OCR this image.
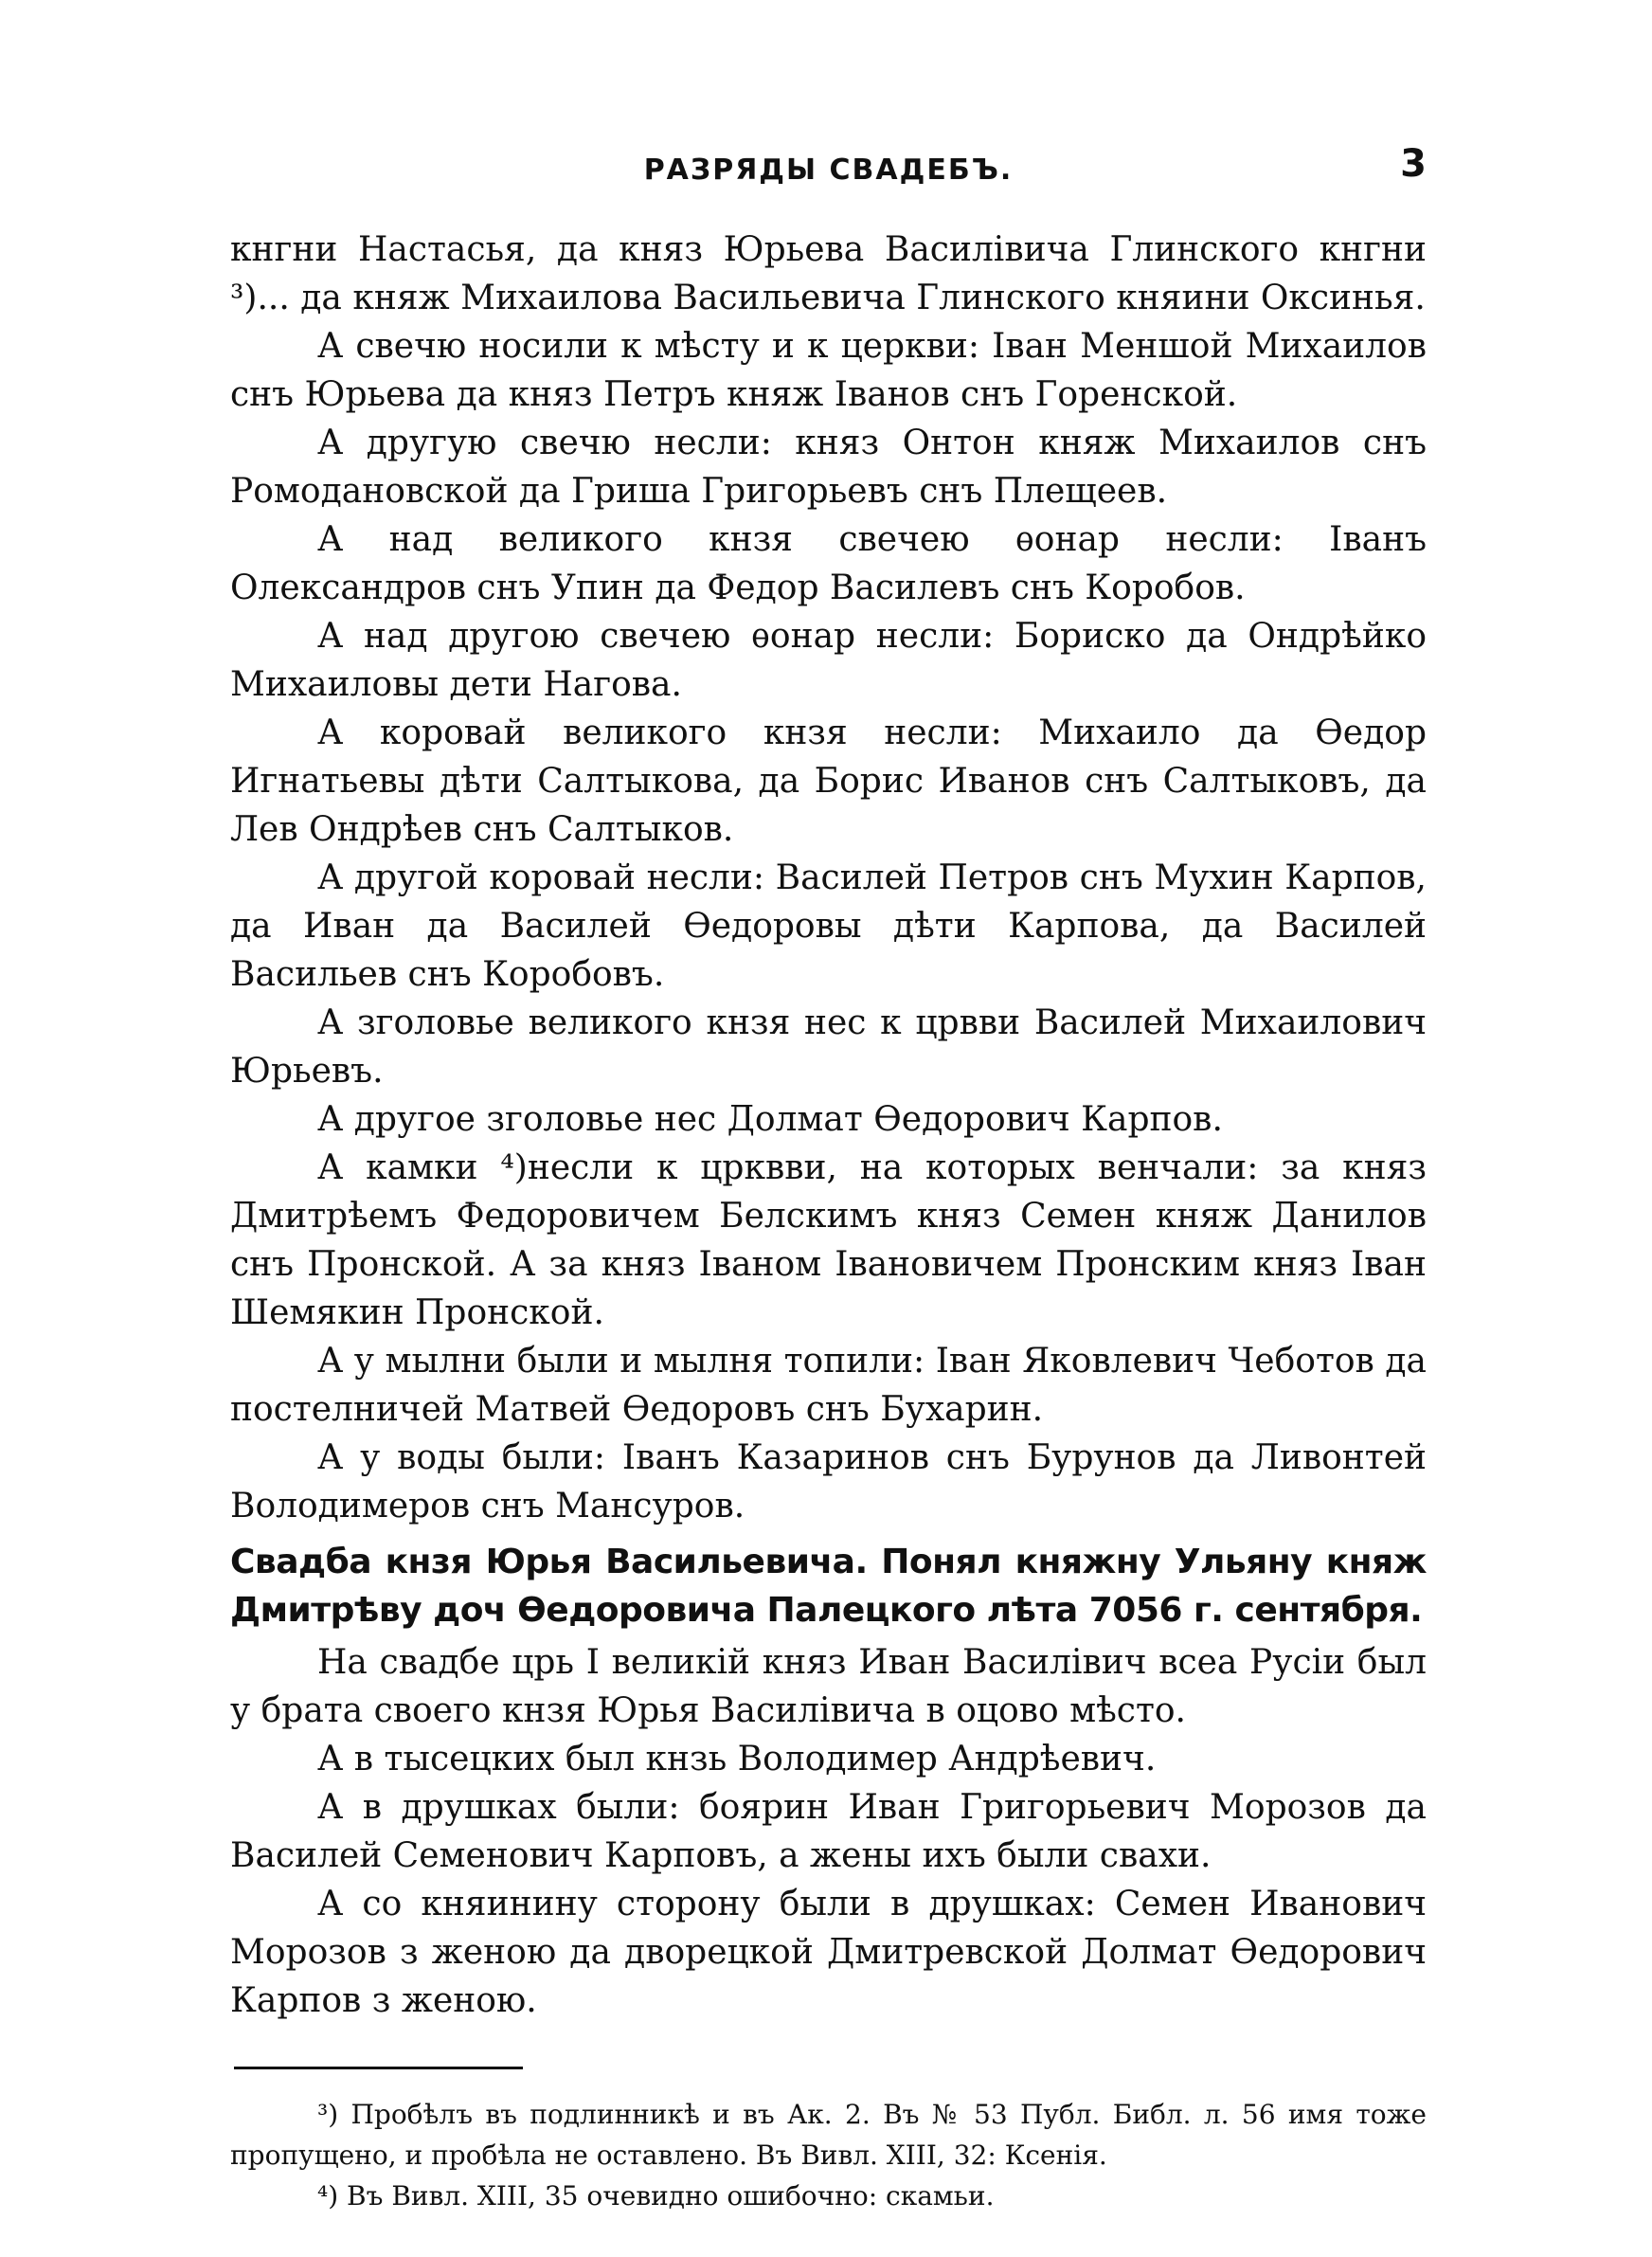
РАЗРЯДЫ СВАДЕБЪ.	3

кнгни Настасья, да княз Юрьева Василівича Глинского кнгни ³)... да княж Михаилова Васильевича Глинского княини Оксинья.

А свечю носили к мѣсту и к церкви: Іван Меншой Михаилов снъ Юрьева да княз Петръ княж Іванов снъ Горенской.

А другую свечю несли: княз Онтон княж Михаилов снъ Ромодановской да Гриша Григорьевъ снъ Плещеев.

А над великого кнзя свечею ѳонар несли: Іванъ Олександров снъ Упин да Федор Василевъ снъ Коробов.

А над другою свечею ѳонар несли: Бориско да Ондрѣйко Михаиловы дети Нагова.

А коровай великого кнзя несли: Михаило да Ѳедор Игнатьевы дѣти Салтыкова, да Борис Иванов снъ Салтыковъ, да Лев Ондрѣев снъ Салтыков.

А другой коровай несли: Василей Петров снъ Мухин Карпов, да Иван да Василей Ѳедоровы дѣти Карпова, да Василей Васильев снъ Коробовъ.

А зголовье великого кнзя нес к црвви Василей Михаилович Юрьевъ.

А другое зголовье нес Долмат Ѳедорович Карпов.

А камки ⁴)несли к црквви, на которых венчали: за княз Дмитрѣемъ Федоровичем Белскимъ княз Семен княж Данилов снъ Пронской. А за княз Іваном Івановичем Пронским княз Іван Шемякин Пронской.

А у мылни были и мылня топили: Іван Яковлевич Чеботов да постелничей Матвей Ѳедоровъ снъ Бухарин.

А у воды были: Іванъ Казаринов снъ Бурунов да Ливонтей Володимеров снъ Мансуров.

Свадба кнзя Юрья Васильевича. Понял княжну Ульяну княж Дмитрѣву доч Ѳедоровича Палецкого лѣта 7056 г. сентября.

На свадбе црь I великій княз Иван Василівич всеа Русіи был у брата своего кнзя Юрья Василівича в оцово мѣсто.

А в тысецких был кнзь Володимер Андрѣевич.

А в друшках были: боярин Иван Григорьевич Морозов да Василей Семенович Карповъ, а жены ихъ были свахи.

А со княинину сторону были в друшках: Семен Иванович Морозов з женою да дворецкой Дмитревской Долмат Ѳедорович Карпов з женою.

³) Пробѣлъ въ подлинникѣ и въ Ак. 2. Въ № 53 Публ. Библ. л. 56 имя тоже пропущено, и пробѣла не оставлено. Въ Вивл. XIII, 32: Ксенія.

⁴) Въ Вивл. XIII, 35 очевидно ошибочно: скамьи.
